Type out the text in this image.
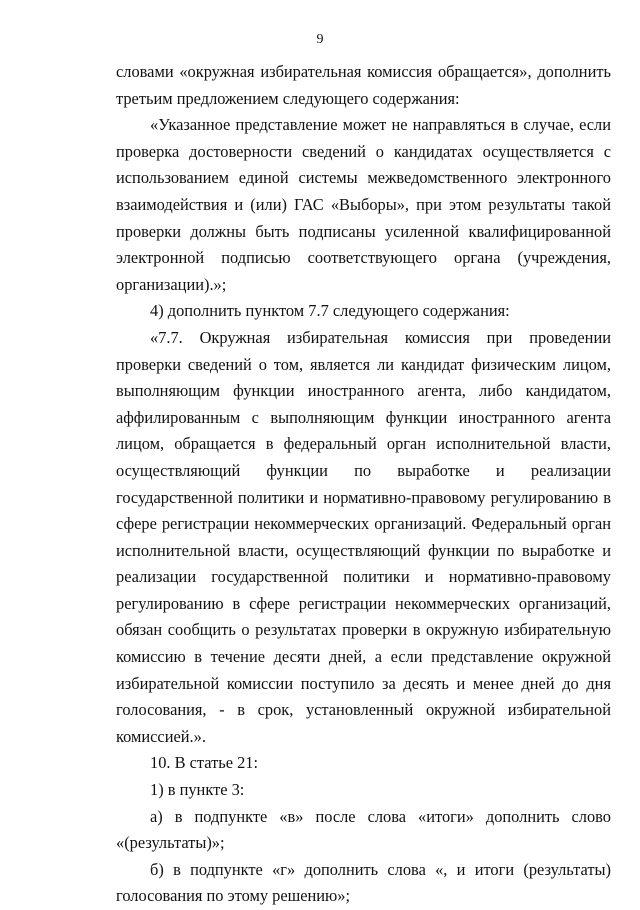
9

словами «окружная избирательная комиссия обращается», дополнить третьим предложением следующего содержания:

«Указанное представление может не направляться в случае, если проверка достоверности сведений о кандидатах осуществляется с использованием единой системы межведомственного электронного взаимодействия и (или) ГАС «Выборы», при этом результаты такой проверки должны быть подписаны усиленной квалифицированной электронной подписью соответствующего органа (учреждения, организации).»;

4) дополнить пунктом 7.7 следующего содержания:

«7.7. Окружная избирательная комиссия при проведении проверки сведений о том, является ли кандидат физическим лицом, выполняющим функции иностранного агента, либо кандидатом, аффилированным с выполняющим функции иностранного агента лицом, обращается в федеральный орган исполнительной власти, осуществляющий функции по выработке и реализации государственной политики и нормативно-правовому регулированию в сфере регистрации некоммерческих организаций. Федеральный орган исполнительной власти, осуществляющий функции по выработке и реализации государственной политики и нормативно-правовому регулированию в сфере регистрации некоммерческих организаций, обязан сообщить о результатах проверки в окружную избирательную комиссию в течение десяти дней, а если представление окружной избирательной комиссии поступило за десять и менее дней до дня голосования, - в срок, установленный окружной избирательной комиссией.».

10. В статье 21:

1) в пункте 3:

а) в подпункте «в» после слова «итоги» дополнить слово «(результаты)»;

б) в подпункте «г» дополнить слова «, и итоги (результаты) голосования по этому решению»;
